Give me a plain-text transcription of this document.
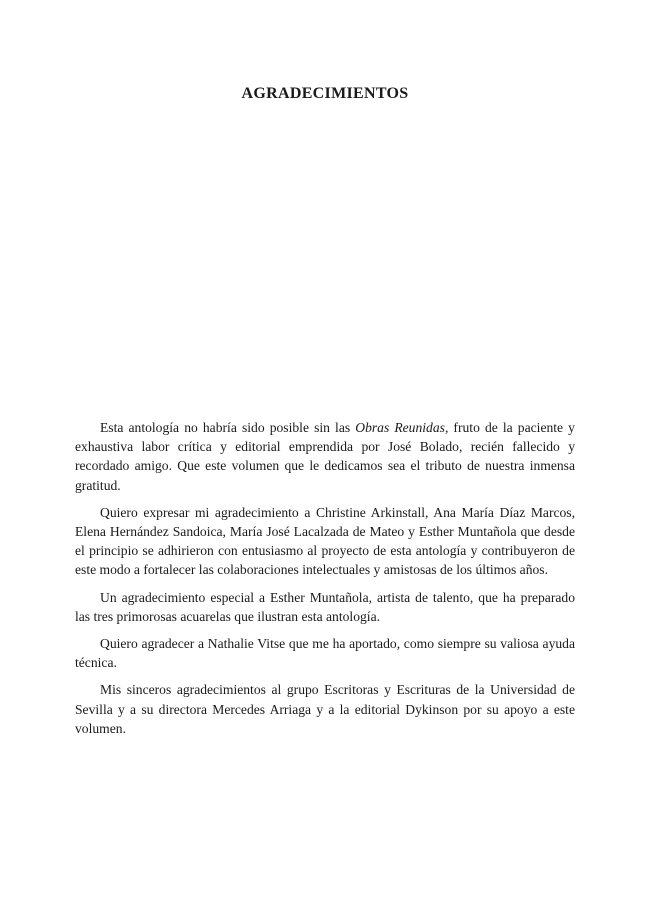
AGRADECIMIENTOS

Esta antología no habría sido posible sin las Obras Reunidas, fruto de la paciente y exhaustiva labor crítica y editorial emprendida por José Bolado, recién fallecido y recordado amigo. Que este volumen que le dedicamos sea el tributo de nuestra inmensa gratitud.

Quiero expresar mi agradecimiento a Christine Arkinstall, Ana María Díaz Marcos, Elena Hernández Sandoica, María José Lacalzada de Mateo y Esther Muntañola que desde el principio se adhirieron con entusiasmo al proyecto de esta antología y contribuyeron de este modo a fortalecer las colaboraciones intelectuales y amistosas de los últimos años.

Un agradecimiento especial a Esther Muntañola, artista de talento, que ha preparado las tres primorosas acuarelas que ilustran esta antología.

Quiero agradecer a Nathalie Vitse que me ha aportado, como siempre su valiosa ayuda técnica.

Mis sinceros agradecimientos al grupo Escritoras y Escrituras de la Universidad de Sevilla y a su directora Mercedes Arriaga y a la editorial Dykinson por su apoyo a este volumen.
